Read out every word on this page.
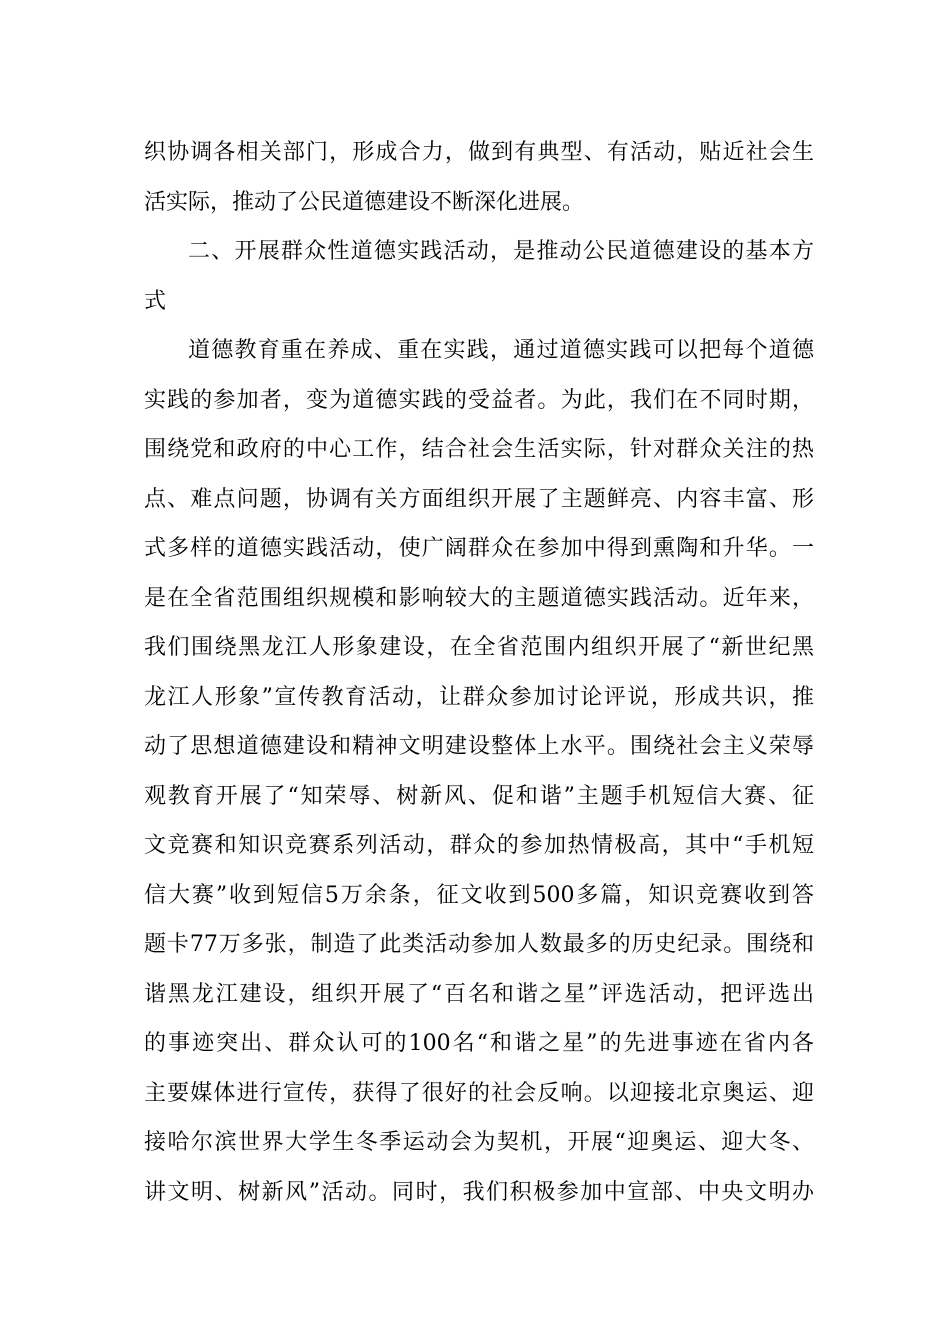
织协调各相关部门，形成合力，做到有典型、有活动，贴近社会生
活实际，推动了公民道德建设不断深化进展。
二、开展群众性道德实践活动，是推动公民道德建设的基本方
式
道德教育重在养成、重在实践，通过道德实践可以把每个道德
实践的参加者，变为道德实践的受益者。为此，我们在不同时期，
围绕党和政府的中心工作，结合社会生活实际，针对群众关注的热
点、难点问题，协调有关方面组织开展了主题鲜亮、内容丰富、形
式多样的道德实践活动，使广阔群众在参加中得到熏陶和升华。一
是在全省范围组织规模和影响较大的主题道德实践活动。近年来，
我们围绕黑龙江人形象建设，在全省范围内组织开展了“新世纪黑
龙江人形象”宣传教育活动，让群众参加讨论评说，形成共识，推
动了思想道德建设和精神文明建设整体上水平。围绕社会主义荣辱
观教育开展了“知荣辱、树新风、促和谐”主题手机短信大赛、征
文竞赛和知识竞赛系列活动，群众的参加热情极高，其中“手机短
信大赛”收到短信5万余条，征文收到500多篇，知识竞赛收到答
题卡77万多张，制造了此类活动参加人数最多的历史纪录。围绕和
谐黑龙江建设，组织开展了“百名和谐之星”评选活动，把评选出
的事迹突出、群众认可的100名“和谐之星”的先进事迹在省内各
主要媒体进行宣传，获得了很好的社会反响。以迎接北京奥运、迎
接哈尔滨世界大学生冬季运动会为契机，开展“迎奥运、迎大冬、
讲文明、树新风”活动。同时，我们积极参加中宣部、中央文明办
